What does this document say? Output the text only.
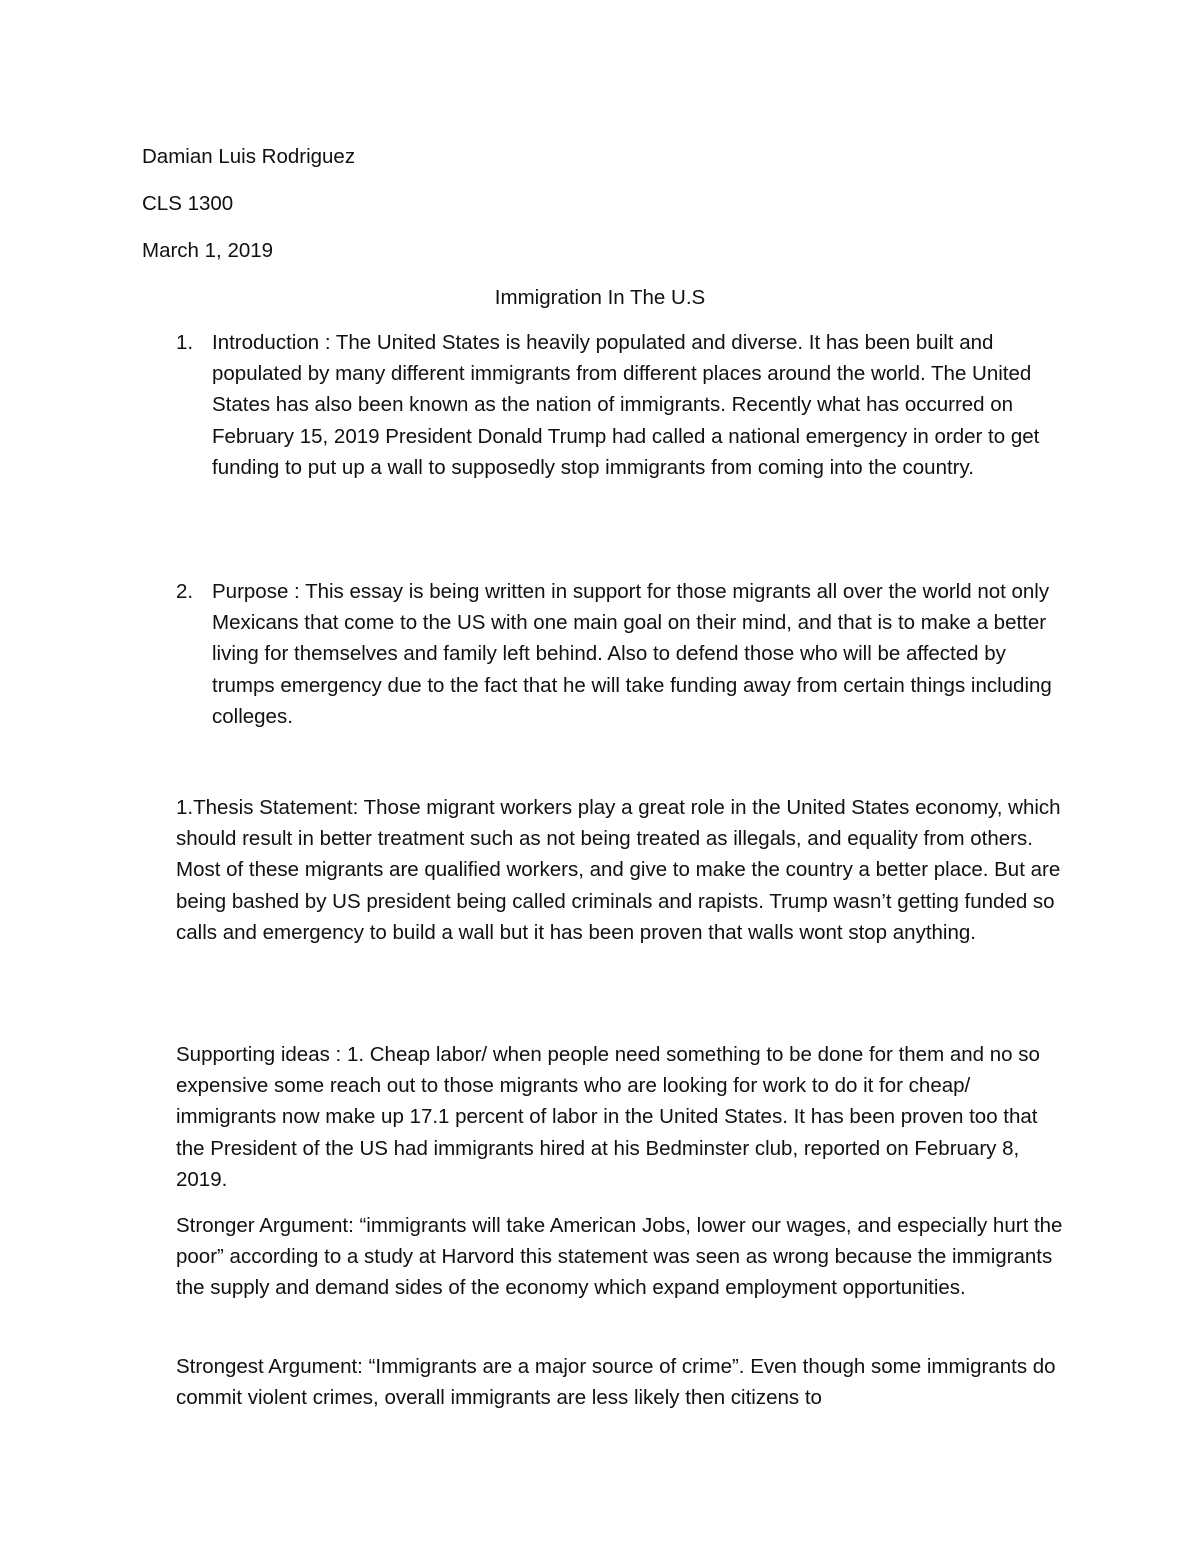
Damian Luis Rodriguez
CLS 1300
March 1, 2019
Immigration In The U.S
1. Introduction : The United States is heavily populated and diverse. It has been built and populated by many different immigrants from different places around the world. The United States has also been known as the nation of immigrants. Recently what has occurred on February 15, 2019 President Donald Trump had called a national emergency in order to get funding to put up a wall to supposedly stop immigrants from coming into the country.

2. Purpose : This essay is being written in support for those migrants all over the world not only Mexicans that come to the US with one main goal on their mind, and that is to make a better living for themselves and family left behind. Also to defend those who will be affected by trumps emergency due to the fact that he will take funding away from certain things including colleges.

1.Thesis Statement: Those migrant workers play a great role in the United States economy, which should result in better treatment such as not being treated as illegals, and equality from others. Most of these migrants are qualified workers, and give to make the country a better place. But are being bashed by US president being called criminals and rapists. Trump wasn’t getting funded so calls and emergency to build a wall but it has been proven that walls wont stop anything.

Supporting ideas : 1. Cheap labor/ when people need something to be done for them and no so expensive some reach out to those migrants who are looking for work to do it for cheap/ immigrants now make up 17.1 percent of labor in the United States. It has been proven too that the President of the US had immigrants hired at his Bedminster club, reported on February 8, 2019.

Stronger Argument: “immigrants will take American Jobs, lower our wages, and especially hurt the poor” according to a study at Harvord this statement was seen as wrong because the immigrants the supply and demand sides of the economy which expand employment opportunities.

Strongest Argument: “Immigrants are a major source of crime”. Even though some immigrants do commit violent crimes, overall immigrants are less likely then citizens to
